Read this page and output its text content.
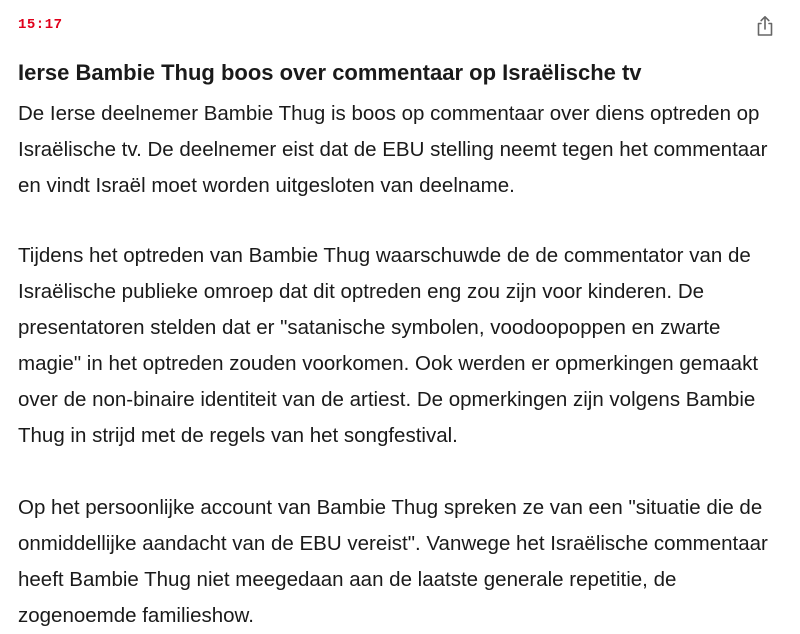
15:17
Ierse Bambie Thug boos over commentaar op Israëlische tv

De Ierse deelnemer Bambie Thug is boos op commentaar over diens optreden op Israëlische tv. De deelnemer eist dat de EBU stelling neemt tegen het commentaar en vindt Israël moet worden uitgesloten van deelname.

Tijdens het optreden van Bambie Thug waarschuwde de de commentator van de Israëlische publieke omroep dat dit optreden eng zou zijn voor kinderen. De presentatoren stelden dat er "satanische symbolen, voodoopoppen en zwarte magie" in het optreden zouden voorkomen. Ook werden er opmerkingen gemaakt over de non-binaire identiteit van de artiest. De opmerkingen zijn volgens Bambie Thug in strijd met de regels van het songfestival.

Op het persoonlijke account van Bambie Thug spreken ze van een "situatie die de onmiddellijke aandacht van de EBU vereist". Vanwege het Israëlische commentaar heeft Bambie Thug niet meegedaan aan de laatste generale repetitie, de zogenoemde familieshow.
